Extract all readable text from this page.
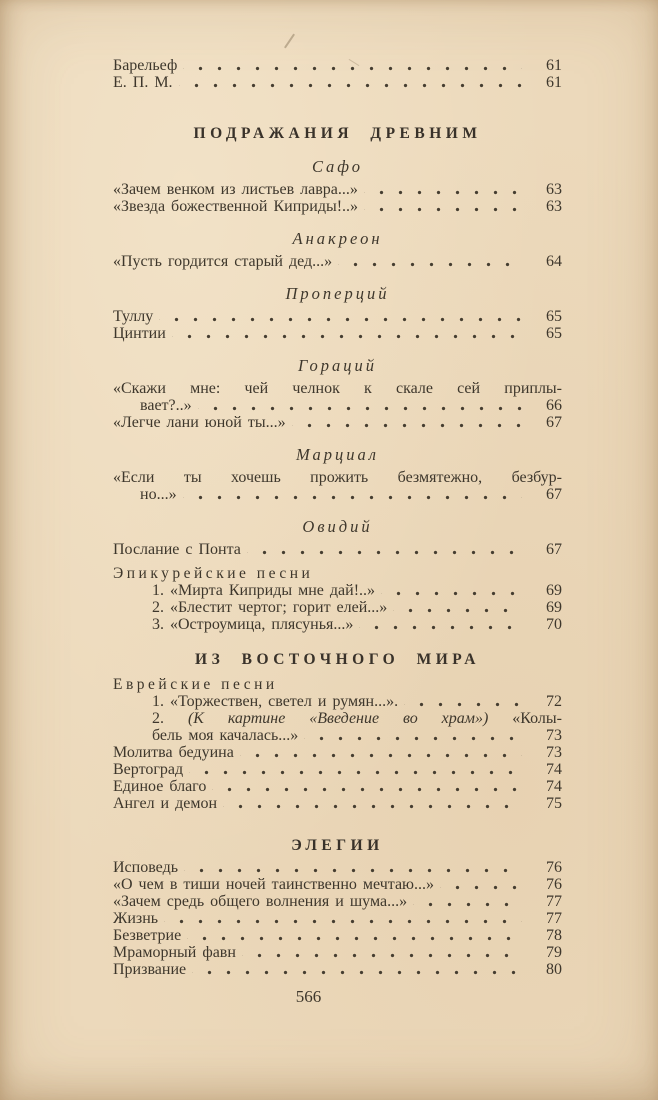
Барельеф	61
Е. П. М.	61
ПОДРАЖАНИЯ ДРЕВНИМ
Сафо
«Зачем венком из листьев лавра...»	63
«Звезда божественной Киприды!..»	63
Анакреон
«Пусть гордится старый дед...»	64
Проперций
Туллу	65
Цинтии	65
Гораций
«Скажи мне: чей челнок к скале сей приплы-
вает?..»	66
«Легче лани юной ты...»	67
Марциал
«Если ты хочешь прожить безмятежно, безбур-
но...»	67
Овидий
Послание с Понта	67
Эпикурейские песни
1. «Мирта Киприды мне дай!..»	69
2. «Блестит чертог; горит елей...»	69
3. «Остроумица, плясунья...»	70
ИЗ ВОСТОЧНОГО МИРА
Еврейские песни
1. «Торжествен, светел и румян...».	72
2. (К картине «Введение во храм») «Колы-
бель моя качалась...»	73
Молитва бедуина	73
Вертоград	74
Единое благо	74
Ангел и демон	75
ЭЛЕГИИ
Исповедь	76
«О чем в тиши ночей таинственно мечтаю...»	76
«Зачем средь общего волнения и шума...»	77
Жизнь	77
Безветрие	78
Мраморный фавн	79
Призвание	80
566
